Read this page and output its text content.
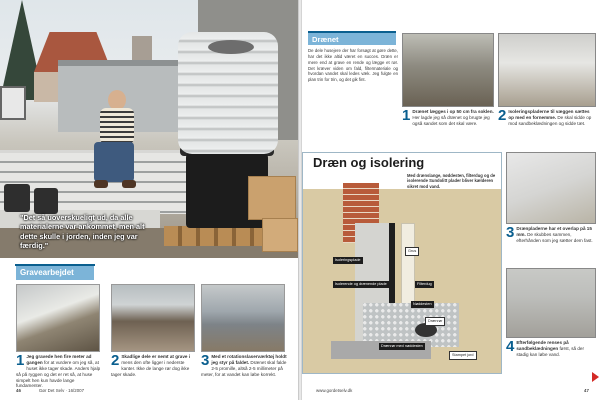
"Det så uoverskueligt ud, da alle materialerne var ankommet, men alt dette skulle i jorden, inden jeg var færdig."
Gravearbejdet
1 Jeg gravede hen fire meter ad gangen for at vurdere om jeg så, at huset ikke tager skade. Anders hjalp så på ryggen og det er ret så, at huse simpelt hen kun havde lange fundamenter.
2 Skadlige dele er nemt at grave i mens den ofte ligger i nederste kanter. Ikke de lange rør dog ikke tager skade.
3 Med et rotationslaserværktøj holdt jeg styr på faldet. Drænet skal falde 2-5 promille, altså 2-5 millimeter på meter, for at vandet kan løbe korrekt.
46	Gør Det Selv · 16/2007
Drænet
De dele husejere der har forsøgt at gøre dette, har det ikke altid været en succes. Dræn er mere end at grave en rende og lægge et rør. Det kræver viden om fald, filtermateriale og hvordan vandet skal ledes væk. Jeg fulgte en plan trin for trin, og det gik fint.
1 Drænet lægges i op 50 cm fra soklen. Her lagde jeg så drænet og brugte jeg også sandet som det skal være.	2 Isoleringspladerne til væggen sættes op med en fornemme. De skal sidde op mod sandbeklædningen og sidde tæt.
Dræn og isolering
Med drænslange, nøddesten, filterdug og de isolerende Sundolitt plader bliver kælderen sikret mod vand.
Isoleringsplade
Isolerende og drænende plade	Filterdug
Nøddesten
Drænrør med nøddesten
Grus
Drænrør
Stampet jord
3 Drænpladerne har et overlap på 15 mm. De skubbes sammen, efterhånden som jeg sætter dem fast.
4 Efterfølgende renses på sandbeklædningen først, så der stadig kan løbe vand.
www.gordetselv.dk	47
